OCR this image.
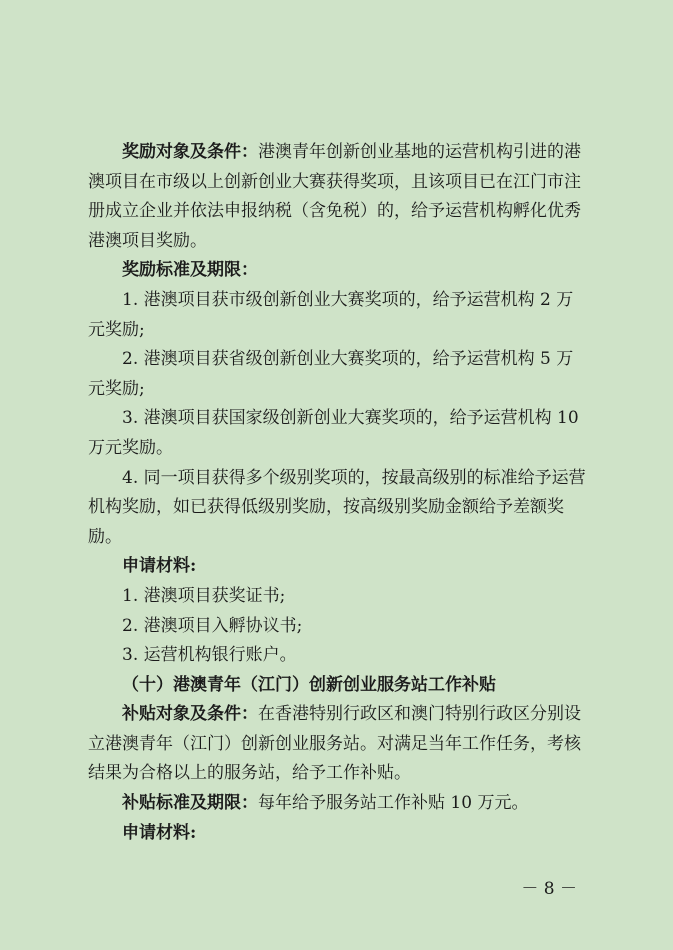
奖励对象及条件：港澳青年创新创业基地的运营机构引进的港澳项目在市级以上创新创业大赛获得奖项，且该项目已在江门市注册成立企业并依法申报纳税（含免税）的，给予运营机构孵化优秀港澳项目奖励。

奖励标准及期限：

1. 港澳项目获市级创新创业大赛奖项的，给予运营机构 2 万元奖励;

2. 港澳项目获省级创新创业大赛奖项的，给予运营机构 5 万元奖励;

3. 港澳项目获国家级创新创业大赛奖项的，给予运营机构 10 万元奖励。

4. 同一项目获得多个级别奖项的，按最高级别的标准给予运营机构奖励，如已获得低级别奖励，按高级别奖励金额给予差额奖励。

申请材料:

1. 港澳项目获奖证书;

2. 港澳项目入孵协议书;

3. 运营机构银行账户。

（十）港澳青年（江门）创新创业服务站工作补贴

补贴对象及条件：在香港特别行政区和澳门特别行政区分别设立港澳青年（江门）创新创业服务站。对满足当年工作任务，考核结果为合格以上的服务站，给予工作补贴。

补贴标准及期限：每年给予服务站工作补贴 10 万元。

申请材料:

－ 8 －
